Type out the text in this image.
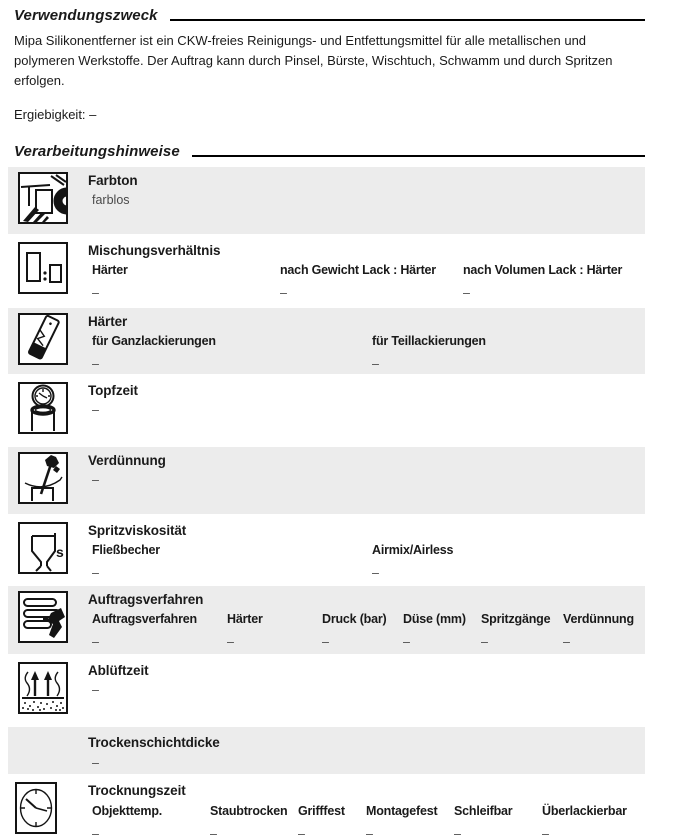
Verwendungszweck

Mipa Silikonentferner ist ein CKW-freies Reinigungs- und Entfettungsmittel für alle metallischen und polymeren Werkstoffe. Der Auftrag kann durch Pinsel, Bürste, Wischtuch, Schwamm und durch Spritzen erfolgen.

Ergiebigkeit: –

Verarbeitungshinweise
Farbton
farblos
Mischungsverhältnis
Härter
–
nach Gewicht Lack : Härter
–
nach Volumen Lack : Härter
–
Härter
für Ganzlackierungen
–
für Teillackierungen
–
Topfzeit
–
Verdünnung
–
s
Spritzviskosität
Fließbecher
–
Airmix/Airless
–
Auftragsverfahren
Auftragsverfahren
–
Härter
–
Druck (bar)
–
Düse (mm)
–
Spritzgänge
–
Verdünnung
–
Ablüftzeit
–
Trockenschichtdicke
–
Trocknungszeit
Objekttemp.
–
Staubtrocken
–
Grifffest
–
Montagefest
–
Schleifbar
–
Überlackierbar
–
